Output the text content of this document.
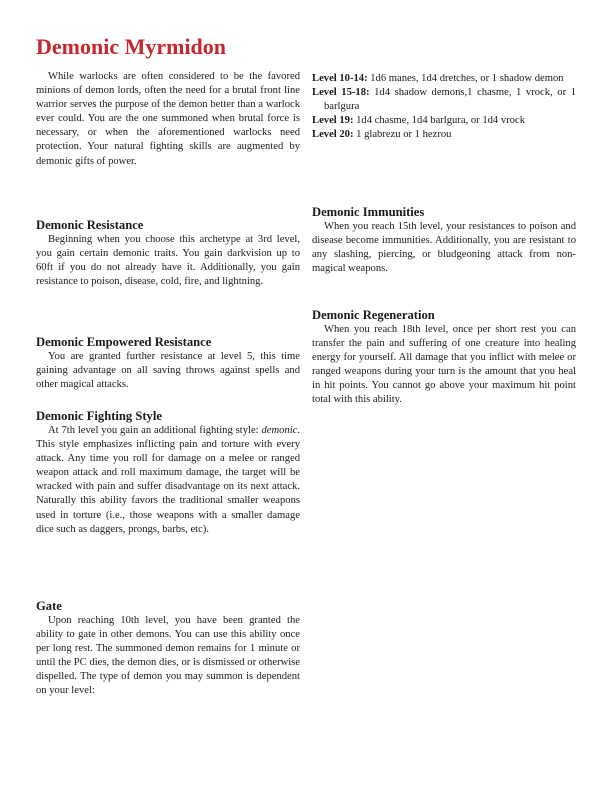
Demonic Myrmidon

While warlocks are often considered to be the favored minions of demon lords, often the need for a brutal front line warrior serves the purpose of the demon better than a warlock ever could. You are the one summoned when brutal force is necessary, or when the aforementioned warlocks need protection. Your natural fighting skills are augmented by demonic gifts of power.

Demonic Resistance

Beginning when you choose this archetype at 3rd level, you gain certain demonic traits. You gain darkvision up to 60ft if you do not already have it. Additionally, you gain resistance to poison, disease, cold, fire, and lightning.

Demonic Empowered Resistance

You are granted further resistance at level 5, this time gaining advantage on all saving throws against spells and other magical attacks.

Demonic Fighting Style

At 7th level you gain an additional fighting style: demonic. This style emphasizes inflicting pain and torture with every attack. Any time you roll for damage on a melee or ranged weapon attack and roll maximum damage, the target will be wracked with pain and suffer disadvantage on its next attack. Naturally this ability favors the traditional smaller weapons used in torture (i.e., those weapons with a smaller damage dice such as daggers, prongs, barbs, etc).

Gate

Upon reaching 10th level, you have been granted the ability to gate in other demons. You can use this ability once per long rest. The summoned demon remains for 1 minute or until the PC dies, the demon dies, or is dismissed or otherwise dispelled. The type of demon you may summon is dependent on your level:

Level 10-14: 1d6 manes, 1d4 dretches, or 1 shadow demon

Level 15-18: 1d4 shadow demons,1 chasme, 1 vrock, or 1 barlgura

Level 19: 1d4 chasme, 1d4 barlgura, or 1d4 vrock

Level 20: 1 glabrezu or 1 hezrou

Demonic Immunities

When you reach 15th level, your resistances to poison and disease become immunities. Additionally, you are resistant to any slashing, piercing, or bludgeoning attack from non-magical weapons.

Demonic Regeneration

When you reach 18th level, once per short rest you can transfer the pain and suffering of one creature into healing energy for yourself. All damage that you inflict with melee or ranged weapons during your turn is the amount that you heal in hit points. You cannot go above your maximum hit point total with this ability.
